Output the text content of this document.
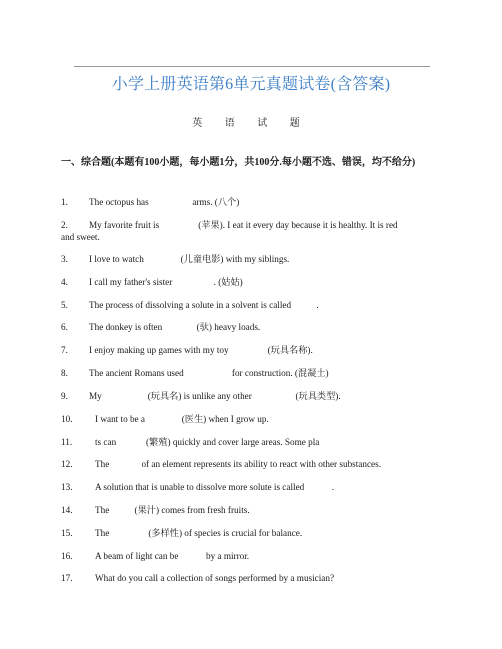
小学上册英语第6单元真题试卷(含答案)
英 语 试 题
一、综合题(本题有100小题，每小题1分，共100分.每小题不选、错误，均不给分)
1. The octopus has                   arms. (八个)
2. My favorite fruit is                 (苹果). I eat it every day because it is healthy. It is red
and sweet.
3. I love to watch                (儿童电影) with my siblings.
4. I call my father's sister                  . (姑姑)
5. The process of dissolving a solute in a solvent is called           .
6. The donkey is often               (驮) heavy loads.
7. I enjoy making up games with my toy                 (玩具名称).
8. The ancient Romans used                     for construction. (混凝土)
9. My                    (玩具名) is unlike any other                   (玩具类型).
10. I want to be a                (医生) when I grow up.
11. ts can             (繁殖) quickly and cover large areas. Some pla
12. The              of an element represents its ability to react with other substances.
13. A solution that is unable to dissolve more solute is called            .
14. The           (果汁) comes from fresh fruits.
15. The                 (多样性) of species is crucial for balance.
16. A beam of light can be            by a mirror.
17. What do you call a collection of songs performed by a musician?
